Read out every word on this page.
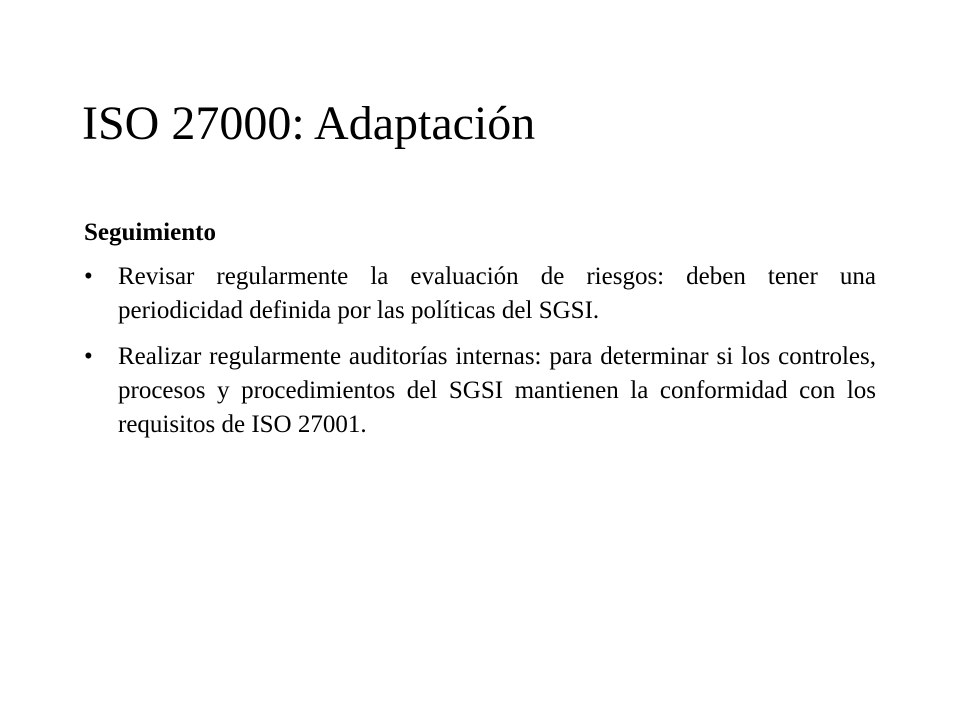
ISO 27000: Adaptación
Seguimiento
• Revisar regularmente la evaluación de riesgos: deben tener una periodicidad definida por las políticas del SGSI.
• Realizar regularmente auditorías internas: para determinar si los controles, procesos y procedimientos del SGSI mantienen la conformidad con los requisitos de ISO 27001.
